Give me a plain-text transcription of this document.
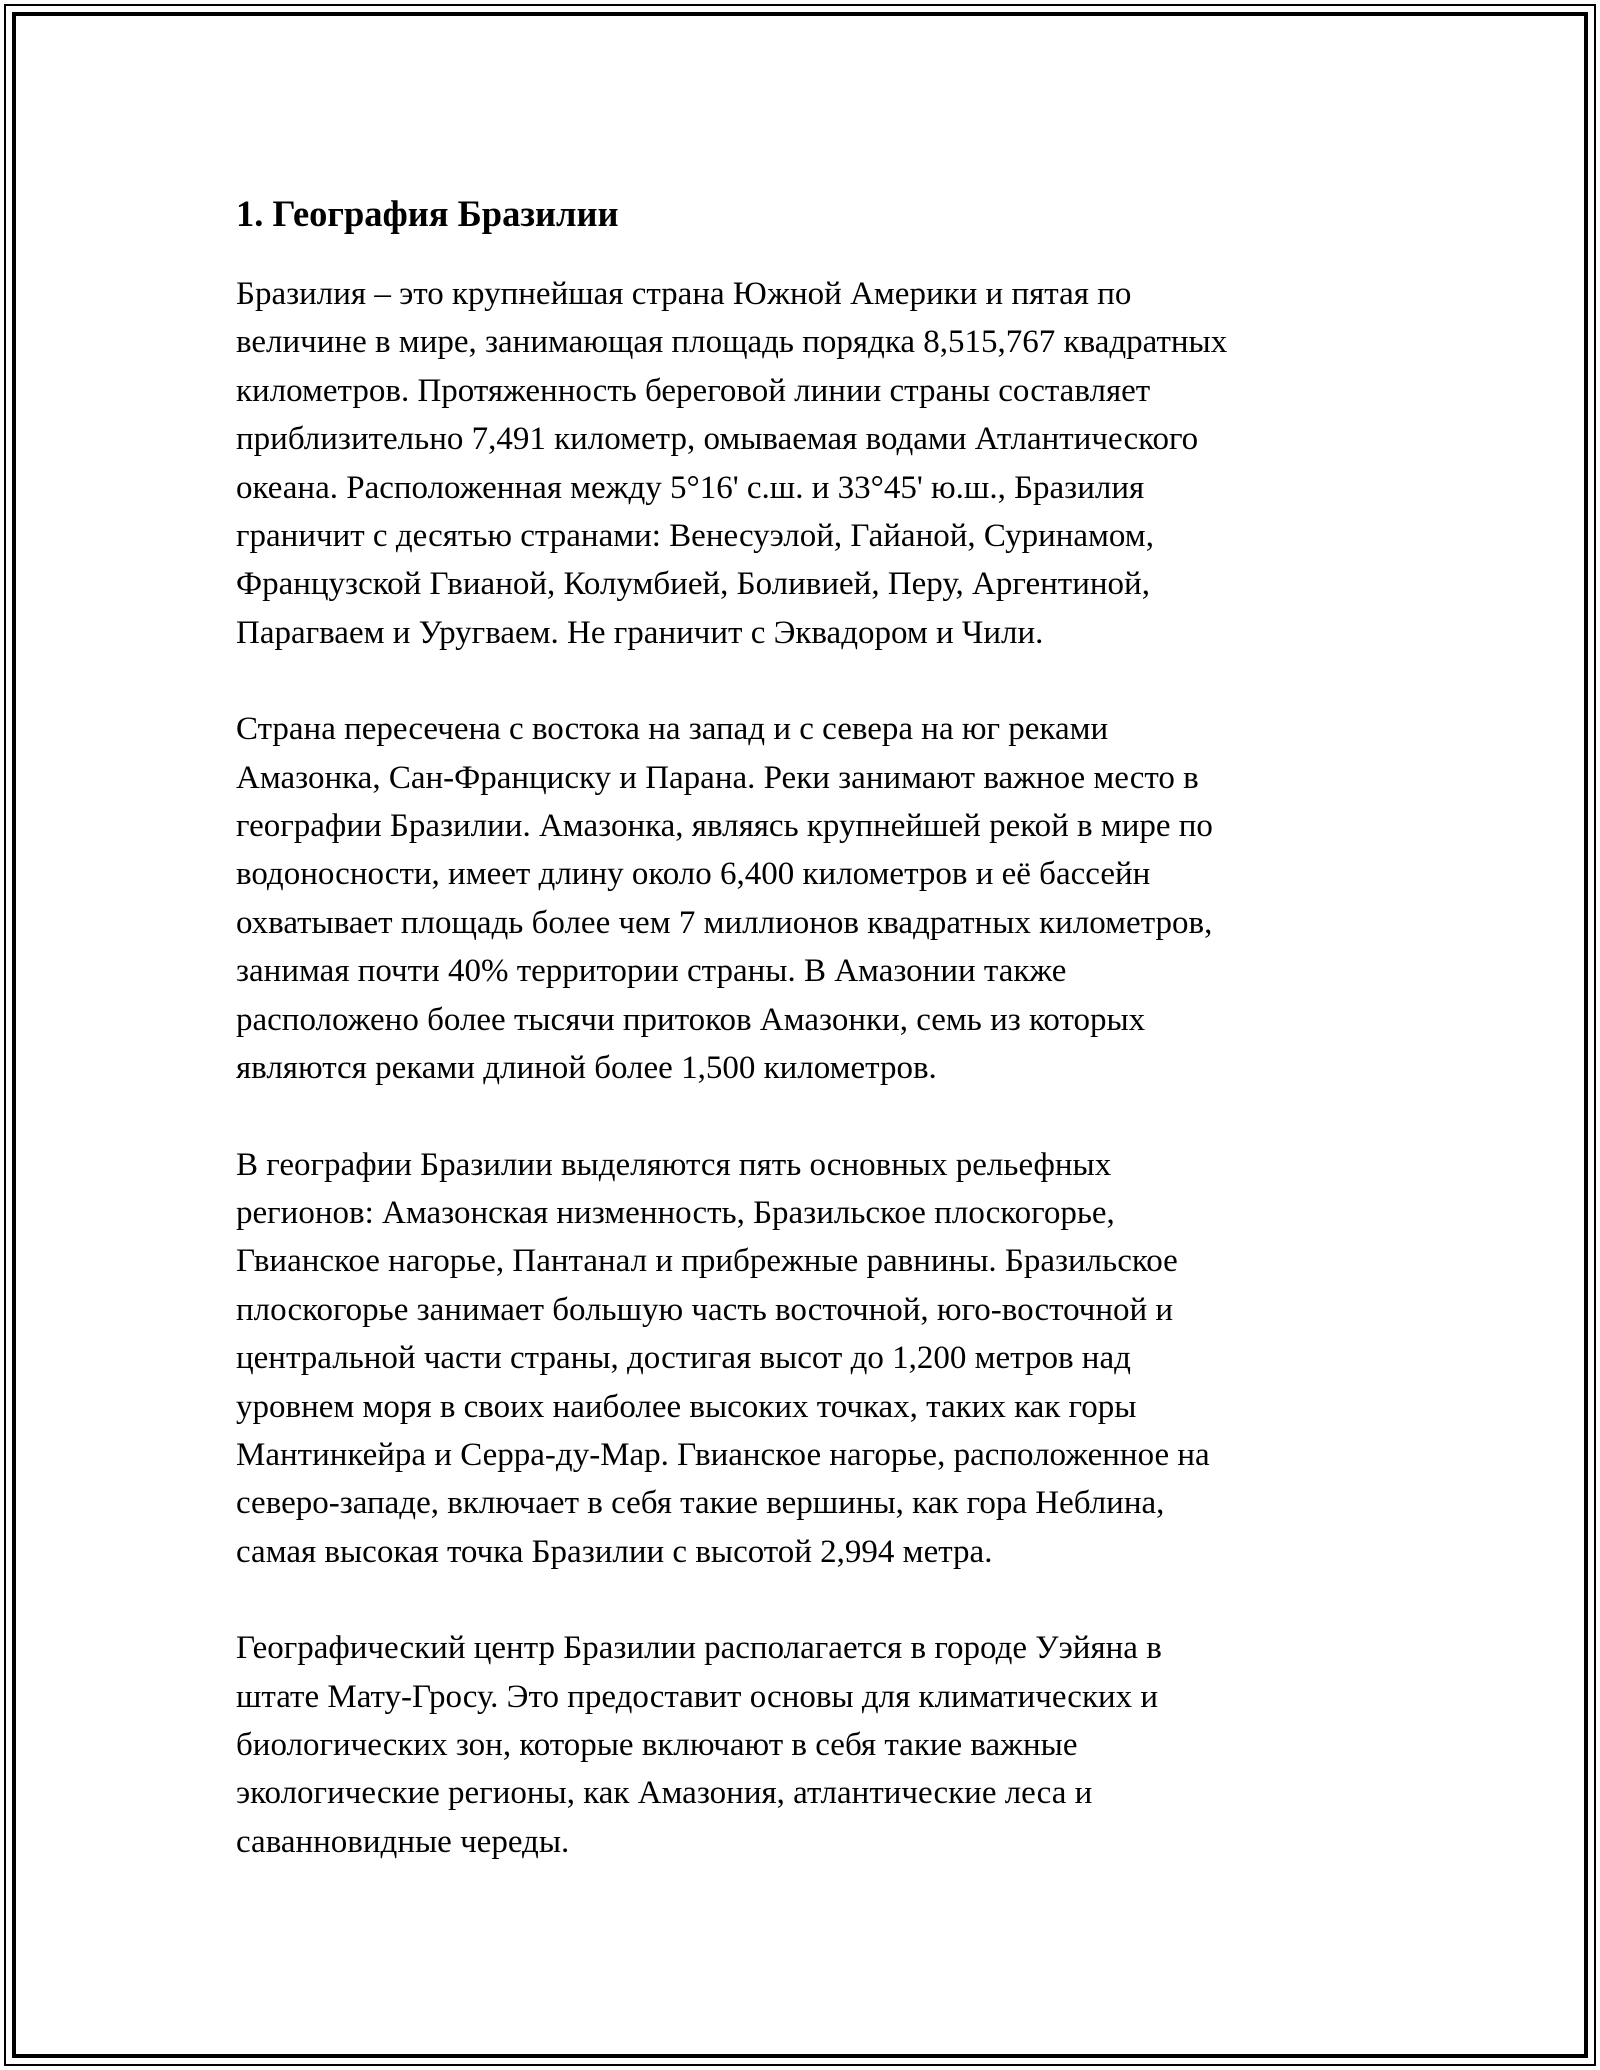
1. География Бразилии

Бразилия – это крупнейшая страна Южной Америки и пятая по
величине в мире, занимающая площадь порядка 8,515,767 квадратных
километров. Протяженность береговой линии страны составляет
приблизительно 7,491 километр, омываемая водами Атлантического
океана. Расположенная между 5°16' с.ш. и 33°45' ю.ш., Бразилия
граничит с десятью странами: Венесуэлой, Гайаной, Суринамом,
Французской Гвианой, Колумбией, Боливией, Перу, Аргентиной,
Парагваем и Уругваем. Не граничит с Эквадором и Чили.

Страна пересечена с востока на запад и с севера на юг реками
Амазонка, Сан-Франциску и Парана. Реки занимают важное место в
географии Бразилии. Амазонка, являясь крупнейшей рекой в мире по
водоносности, имеет длину около 6,400 километров и её бассейн
охватывает площадь более чем 7 миллионов квадратных километров,
занимая почти 40% территории страны. В Амазонии также
расположено более тысячи притоков Амазонки, семь из которых
являются реками длиной более 1,500 километров.

В географии Бразилии выделяются пять основных рельефных
регионов: Амазонская низменность, Бразильское плоскогорье,
Гвианское нагорье, Пантанал и прибрежные равнины. Бразильское
плоскогорье занимает большую часть восточной, юго-восточной и
центральной части страны, достигая высот до 1,200 метров над
уровнем моря в своих наиболее высоких точках, таких как горы
Мантинкейра и Серра-ду-Мар. Гвианское нагорье, расположенное на
северо-западе, включает в себя такие вершины, как гора Неблина,
самая высокая точка Бразилии с высотой 2,994 метра.

Географический центр Бразилии располагается в городе Уэйяна в
штате Мату-Гросу. Это предоставит основы для климатических и
биологических зон, которые включают в себя такие важные
экологические регионы, как Амазония, атлантические леса и
саванновидные череды.
